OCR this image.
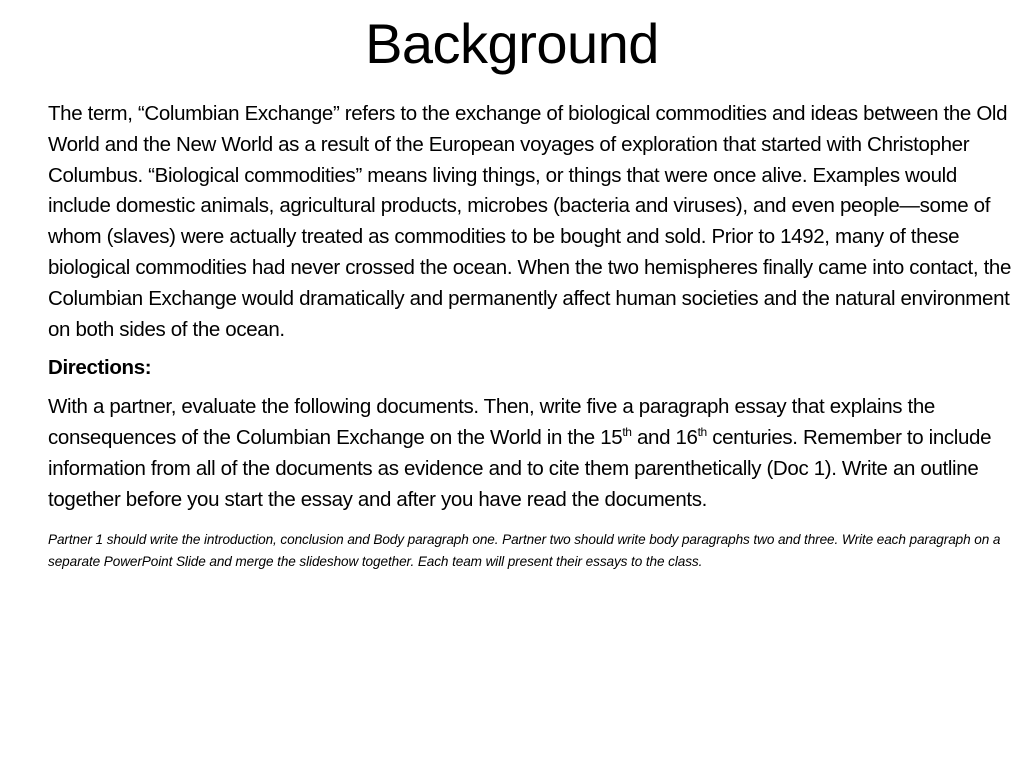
Background

The term, “Columbian Exchange” refers to the exchange of biological commodities and ideas between the Old World and the New World as a result of the European voyages of exploration that started with Christopher Columbus. “Biological commodities” means living things, or things that were once alive. Examples would include domestic animals, agricultural products, microbes (bacteria and viruses), and even people—some of whom (slaves) were actually treated as commodities to be bought and sold. Prior to 1492, many of these biological commodities had never crossed the ocean. When the two hemispheres finally came into contact, the Columbian Exchange would dramatically and permanently affect human societies and the natural environment on both sides of the ocean.

Directions:

With a partner, evaluate the following documents. Then, write five a paragraph essay that explains the consequences of the Columbian Exchange on the World in the 15th and 16th centuries. Remember to include information from all of the documents as evidence and to cite them parenthetically (Doc 1). Write an outline together before you start the essay and after you have read the documents.

Partner 1 should write the introduction, conclusion and Body paragraph one. Partner two should write body paragraphs two and three. Write each paragraph on a separate PowerPoint Slide and merge the slideshow together. Each team will present their essays to the class.
